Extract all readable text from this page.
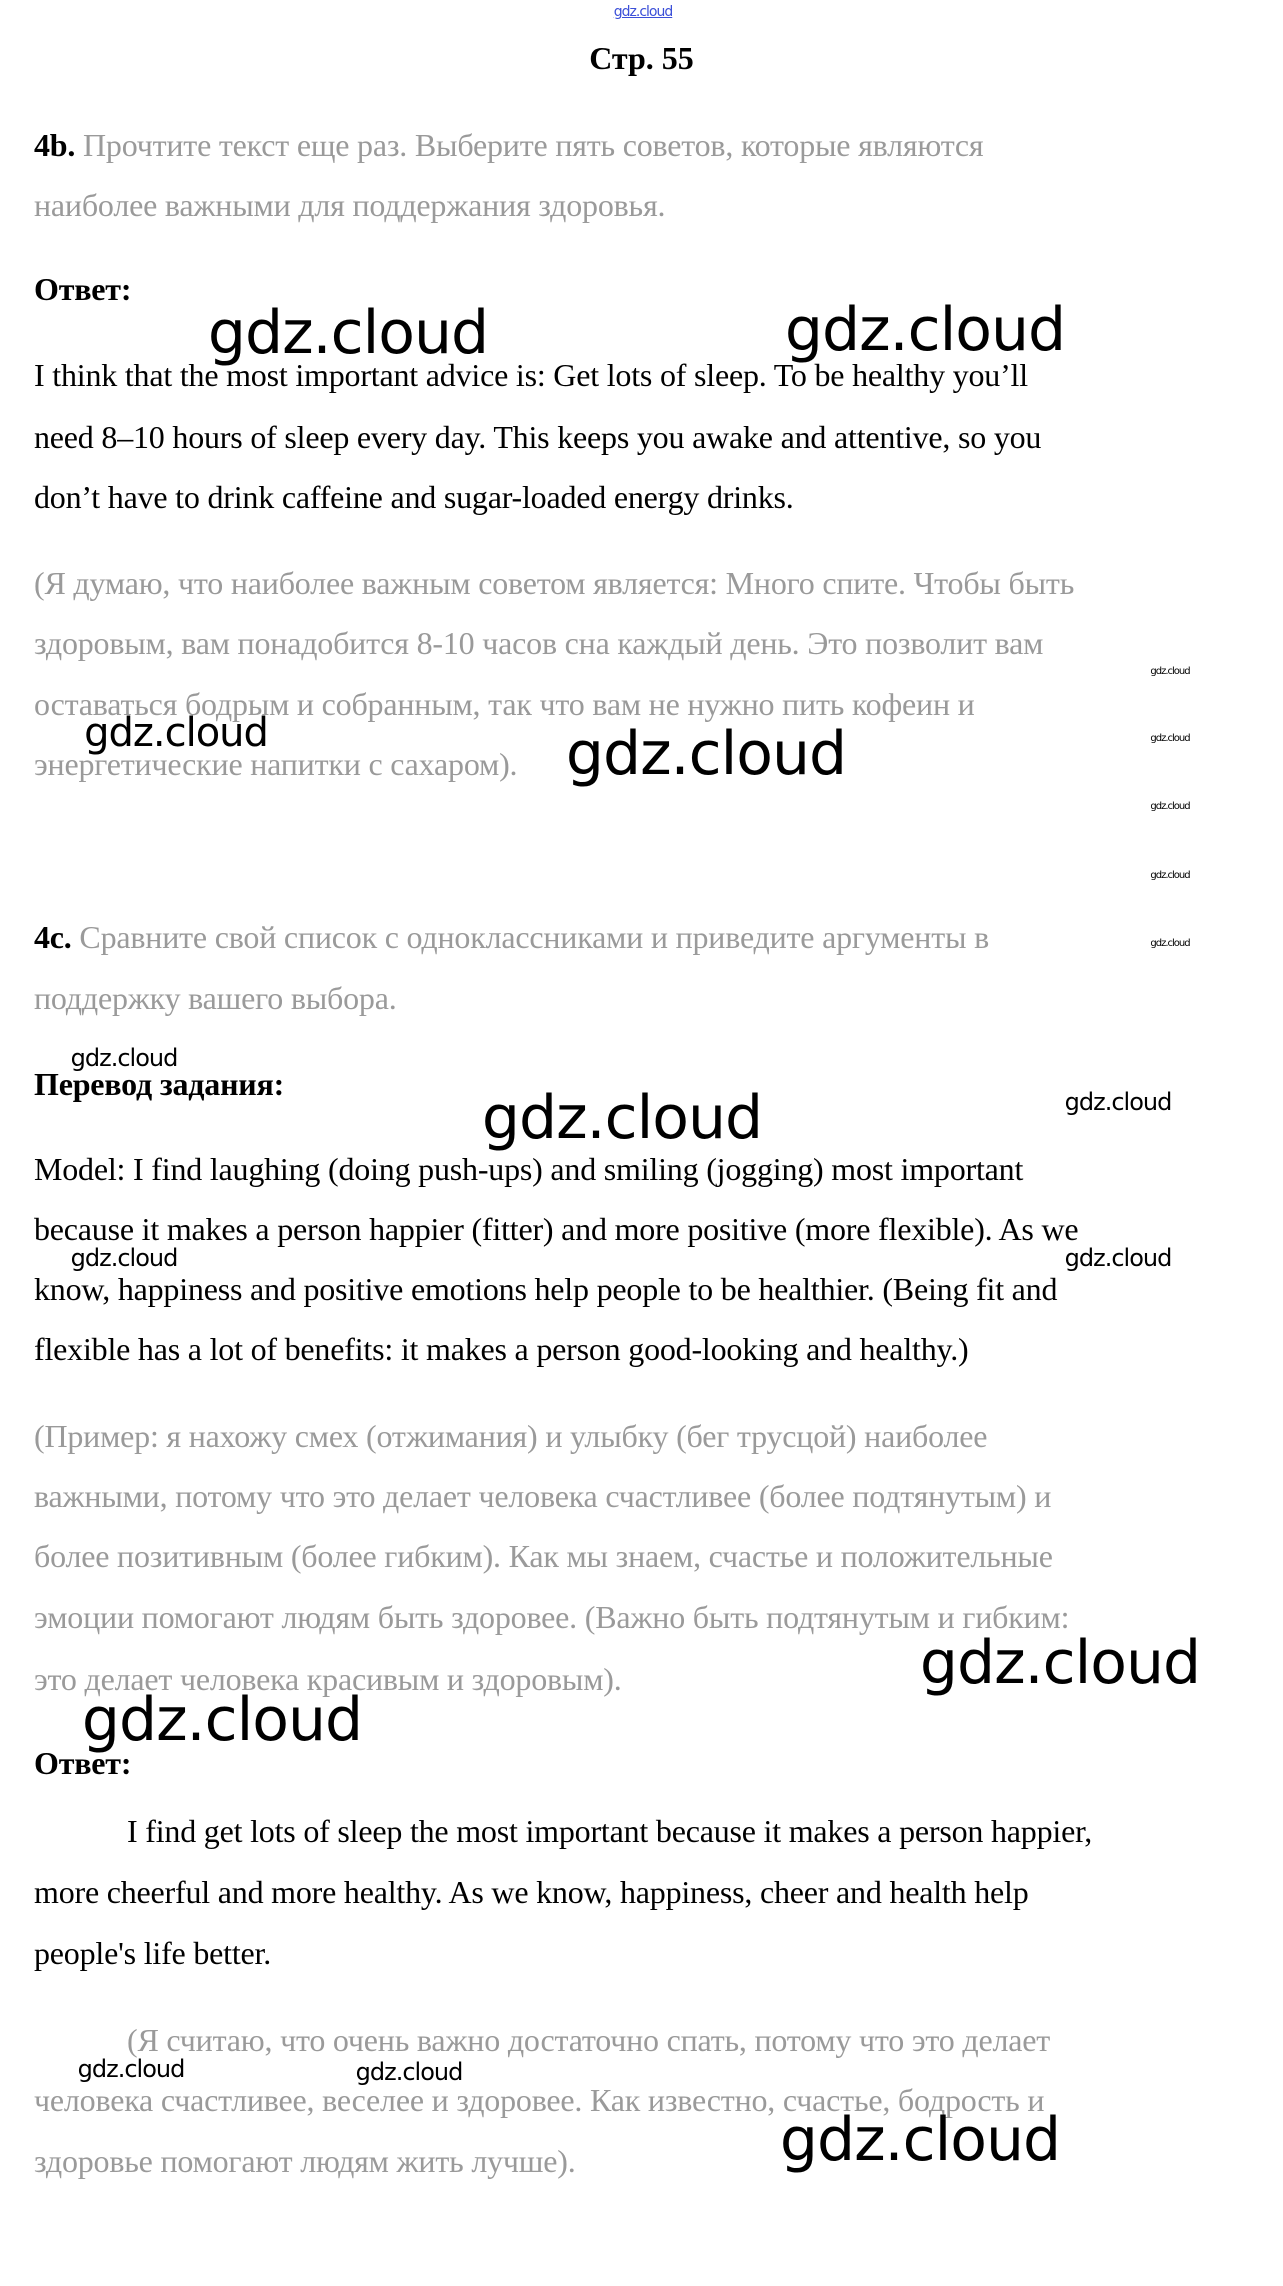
gdz.cloud
Стр. 55
4b. Прочтите текст еще раз. Выберите пять советов, которые являются
наиболее важными для поддержания здоровья.
Ответ:
I think that the most important advice is: Get lots of sleep. To be healthy you’ll
need 8–10 hours of sleep every day. This keeps you awake and attentive, so you
don’t have to drink caffeine and sugar-loaded energy drinks.
(Я думаю, что наиболее важным советом является: Много спите. Чтобы быть
здоровым, вам понадобится 8-10 часов сна каждый день. Это позволит вам
оставаться бодрым и собранным, так что вам не нужно пить кофеин и
энергетические напитки с сахаром).
4c. Сравните свой список с одноклассниками и приведите аргументы в
поддержку вашего выбора.
Перевод задания:
Model: I find laughing (doing push-ups) and smiling (jogging) most important
because it makes a person happier (fitter) and more positive (more flexible). As we
know, happiness and positive emotions help people to be healthier. (Being fit and
flexible has a lot of benefits: it makes a person good-looking and healthy.)
(Пример: я нахожу смех (отжимания) и улыбку (бег трусцой) наиболее
важными, потому что это делает человека счастливее (более подтянутым) и
более позитивным (более гибким). Как мы знаем, счастье и положительные
эмоции помогают людям быть здоровее. (Важно быть подтянутым и гибким:
это делает человека красивым и здоровым).
Ответ:
I find get lots of sleep the most important because it makes a person happier,
more cheerful and more healthy. As we know, happiness, cheer and health help
people's life better.
(Я считаю, что очень важно достаточно спать, потому что это делает
человека счастливее, веселее и здоровее. Как известно, счастье, бодрость и
здоровье помогают людям жить лучше).
gdz.cloud	gdz.cloud
gdz.cloud	gdz.cloud
gdz.cloud
gdz.cloud
gdz.cloud
gdz.cloud
gdz.cloud
gdz.cloud
gdz.cloud	gdz.cloud
gdz.cloud	gdz.cloud
gdz.cloud
gdz.cloud
gdz.cloud	gdz.cloud
gdz.cloud
